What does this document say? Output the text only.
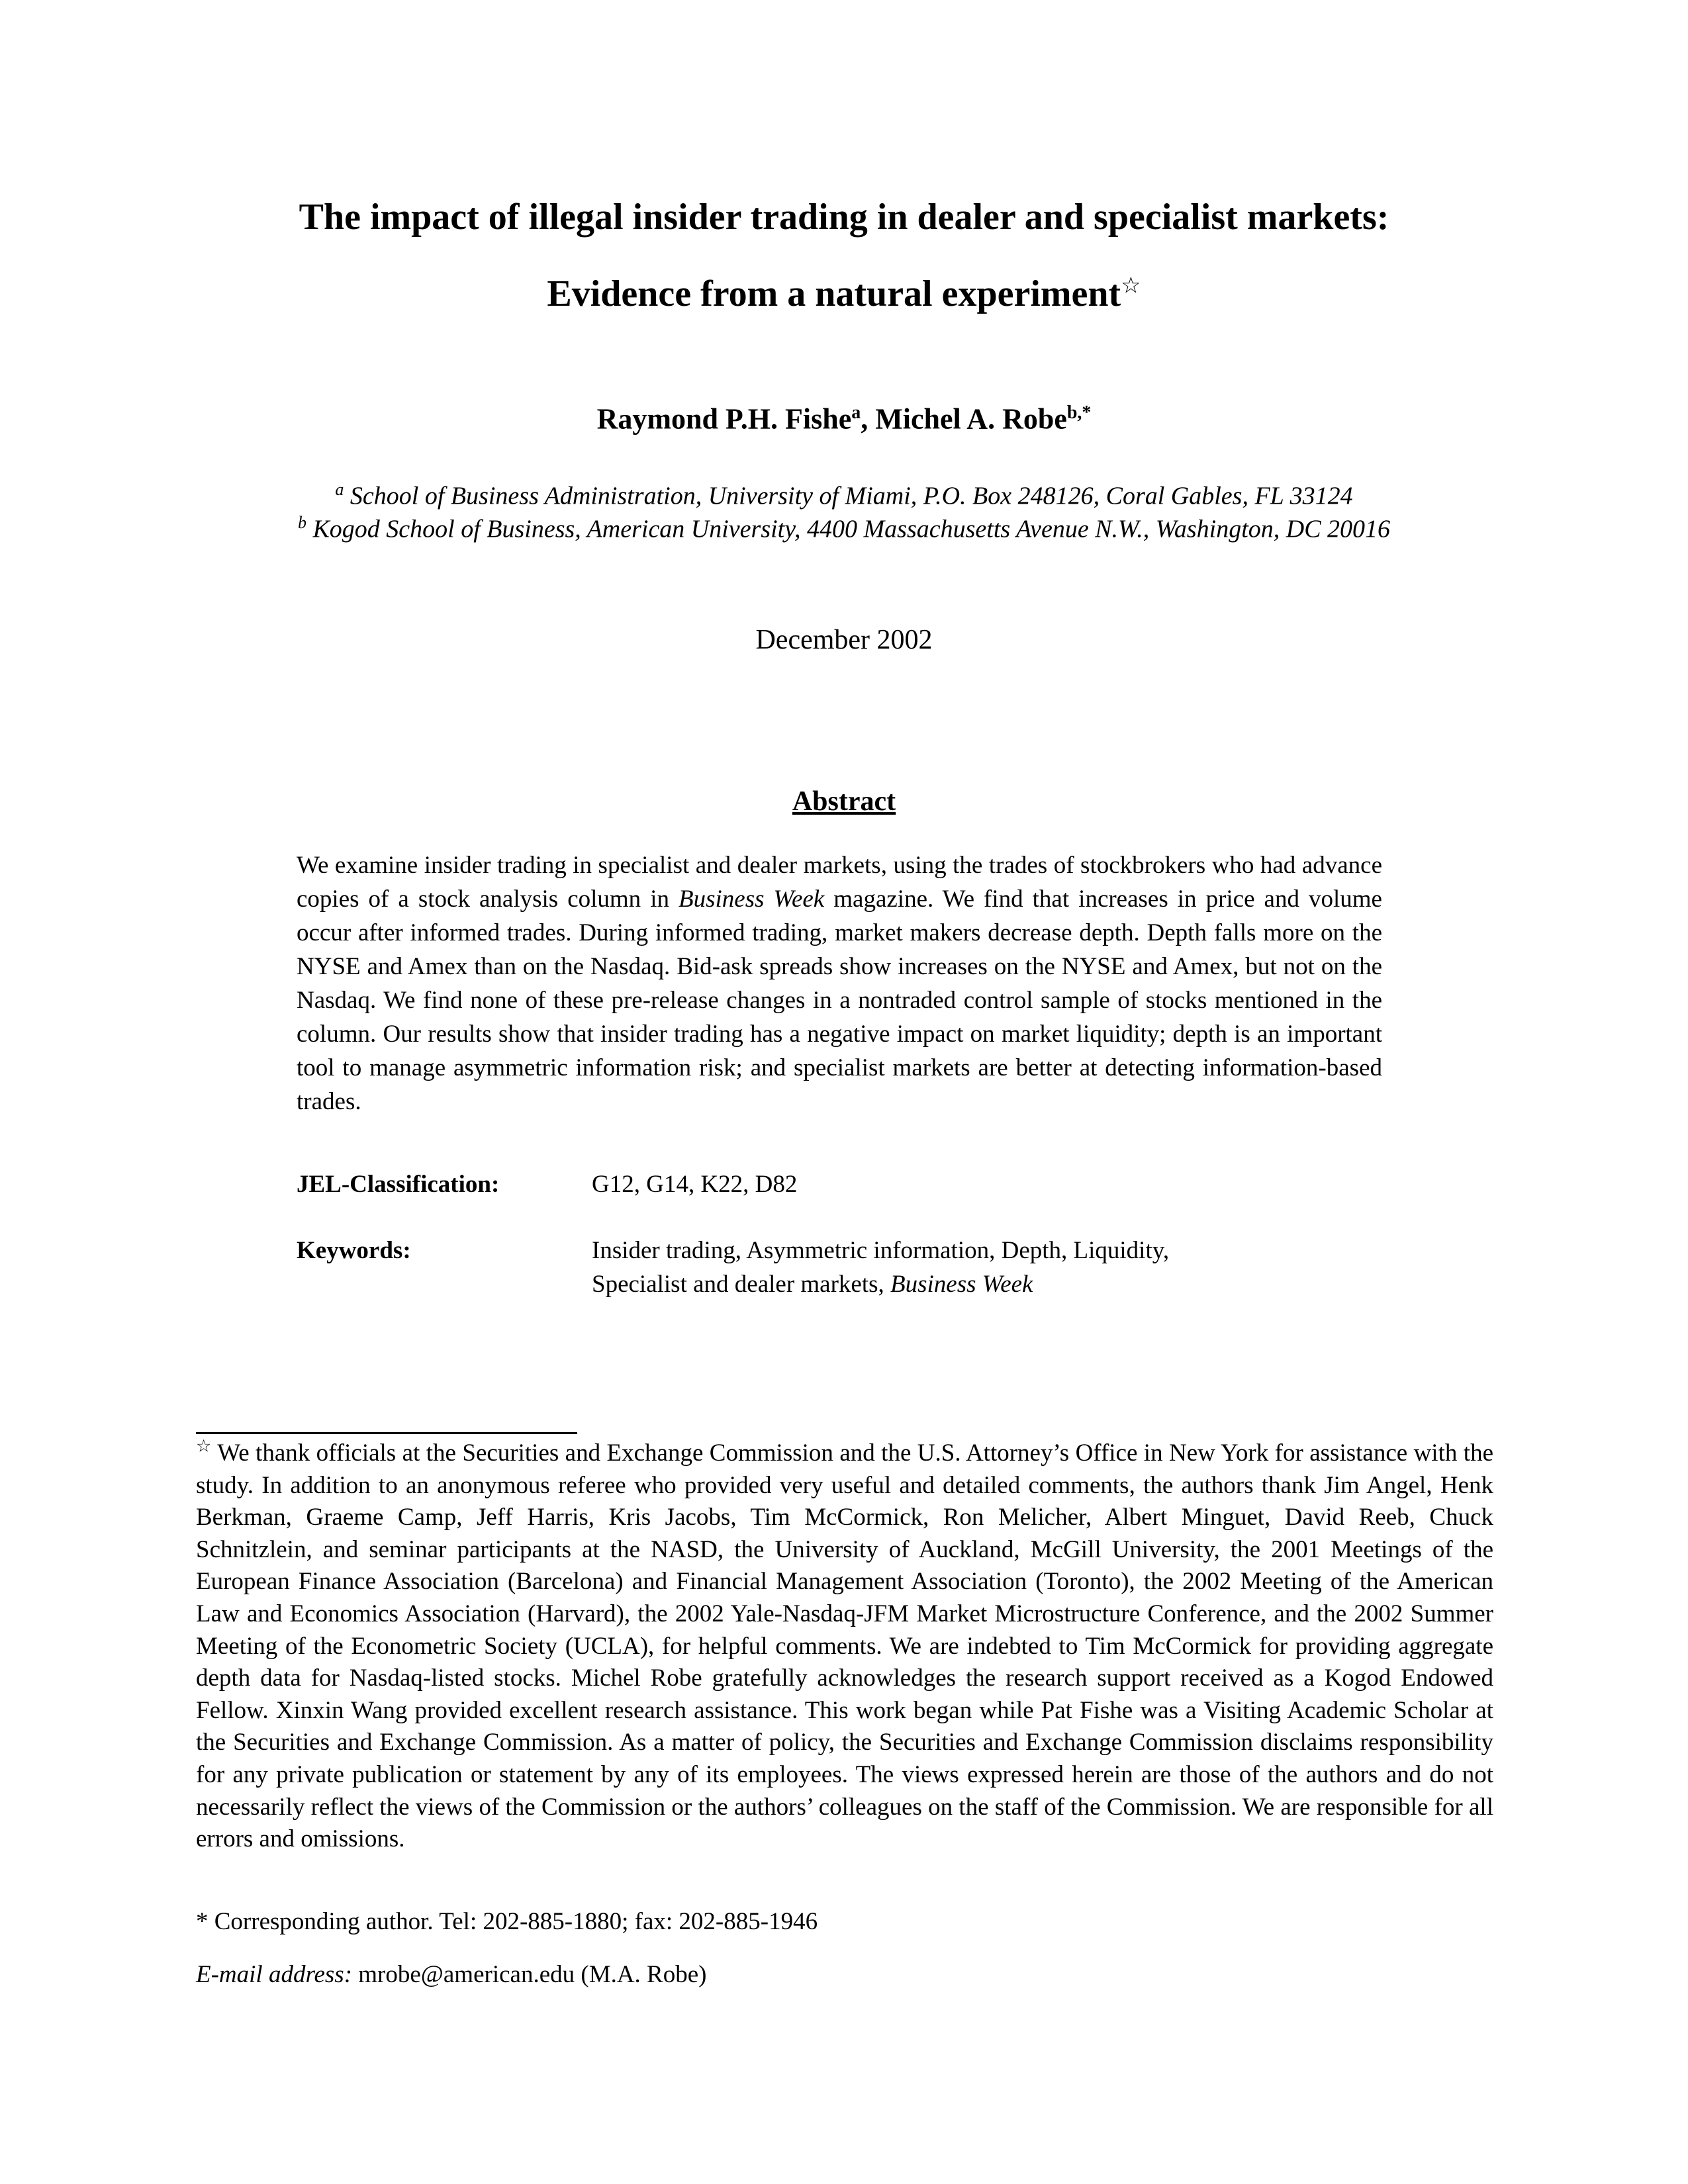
The impact of illegal insider trading in dealer and specialist markets:
Evidence from a natural experiment☆
Raymond P.H. Fishe$^a$, Michel A. Robe$^{b,*}$
$^a$ School of Business Administration, University of Miami, P.O. Box 248126, Coral Gables, FL 33124
$^b$ Kogod School of Business, American University, 4400 Massachusetts Avenue N.W., Washington, DC 20016
December 2002
Abstract

We examine insider trading in specialist and dealer markets, using the trades of stockbrokers who had advance copies of a stock analysis column in Business Week magazine. We find that increases in price and volume occur after informed trades. During informed trading, market makers decrease depth. Depth falls more on the NYSE and Amex than on the Nasdaq. Bid-ask spreads show increases on the NYSE and Amex, but not on the Nasdaq. We find none of these pre-release changes in a nontraded control sample of stocks mentioned in the column. Our results show that insider trading has a negative impact on market liquidity; depth is an important tool to manage asymmetric information risk; and specialist markets are better at detecting information-based trades.

JEL-Classification:	G12, G14, K22, D82
Keywords:	Insider trading, Asymmetric information, Depth, Liquidity,
Specialist and dealer markets, Business Week

☆ We thank officials at the Securities and Exchange Commission and the U.S. Attorney’s Office in New York for assistance with the study. In addition to an anonymous referee who provided very useful and detailed comments, the authors thank Jim Angel, Henk Berkman, Graeme Camp, Jeff Harris, Kris Jacobs, Tim McCormick, Ron Melicher, Albert Minguet, David Reeb, Chuck Schnitzlein, and seminar participants at the NASD, the University of Auckland, McGill University, the 2001 Meetings of the European Finance Association (Barcelona) and Financial Management Association (Toronto), the 2002 Meeting of the American Law and Economics Association (Harvard), the 2002 Yale-Nasdaq-JFM Market Microstructure Conference, and the 2002 Summer Meeting of the Econometric Society (UCLA), for helpful comments. We are indebted to Tim McCormick for providing aggregate depth data for Nasdaq-listed stocks. Michel Robe gratefully acknowledges the research support received as a Kogod Endowed Fellow. Xinxin Wang provided excellent research assistance. This work began while Pat Fishe was a Visiting Academic Scholar at the Securities and Exchange Commission. As a matter of policy, the Securities and Exchange Commission disclaims responsibility for any private publication or statement by any of its employees. The views expressed herein are those of the authors and do not necessarily reflect the views of the Commission or the authors’ colleagues on the staff of the Commission. We are responsible for all errors and omissions.

* Corresponding author. Tel: 202-885-1880; fax: 202-885-1946
E-mail address: mrobe@american.edu (M.A. Robe)
